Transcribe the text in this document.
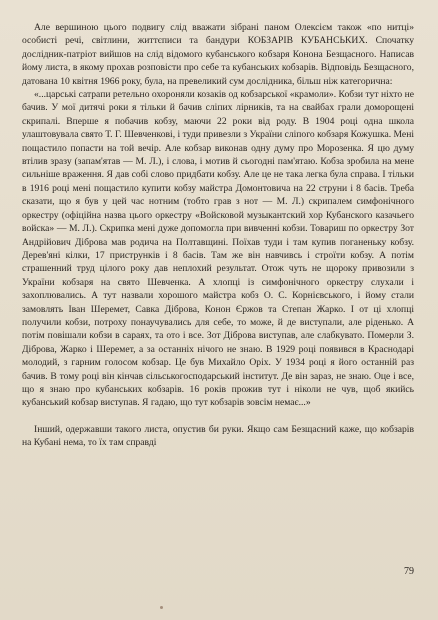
Але вершиною цього подвигу слід вважати зібрані паном Олексієм також «по нитці» особисті речі, світлини, життєписи та бандури КОБЗАРІВ КУБАНСЬКИХ. Спочатку дослідник-патріот вийшов на слід відомого кубанського кобзаря Конона Безщасного. Написав йому листа, в якому прохав розповісти про себе та кубанських кобзарів. Відповідь Безщасного, датована 10 квітня 1966 року, була, на превеликий сум дослідника, більш ніж категорична:

«...царські сатрапи ретельно охороняли козаків од кобзарської «крамоли». Кобзи тут ніхто не бачив. У мої дитячі роки я тільки й бачив сліпих лірників, та на свайбах грали доморощені скрипалі. Вперше я побачив кобзу, маючи 22 роки від роду. В 1904 році одна школа улаштовувала свято Т. Г. Шевченкові, і туди привезли з України сліпого кобзаря Кожушка. Мені пощастило попасти на той вечір. Але кобзар виконав одну думу про Морозенка. Я цю думу втілив зразу (запам'ятав — М. Л.), і слова, і мотив й сьогодні пам'ятаю. Кобза зробила на мене сильніше враження. Я дав собі слово придбати кобзу. Але це не така легка була справа. І тільки в 1916 році мені пощастило купити кобзу майстра Домонтовича на 22 струни і 8 басів. Треба сказати, що я був у цей час нотним (тобто грав з нот — М. Л.) скрипалем симфонічного оркестру (офіційна назва цього оркестру «Войсковой музыкантский хор Кубанского казачьего войска» — М. Л.). Скрипка мені дуже допомогла при вивченні кобзи. Товариш по оркестру Зот Андрійович Діброва мав родича на Полтавщині. Поїхав туди і там купив поганеньку кобзу. Дерев'яні кілки, 17 приструнків і 8 басів. Там же він навчивсь і строїти кобзу. А потім страшенний труд цілого року дав неплохий результат. Отож чуть не щороку привозили з України кобзаря на свято Шевченка. А хлопці із симфонічного оркестру слухали і захоплювались. А тут назвали хорошого майстра кобз О. С. Корнієвського, і йому стали замовлять Іван Шеремет, Савка Діброва, Конон Єржов та Степан Жарко. І от ці хлопці получили кобзи, потроху понаучувались для себе, то може, й де виступали, але рiденько. А потім повішали кобзи в сараях, та ото і все. Зот Діброва виступав, але слабкувато. Померли З. Діброва, Жарко і Шеремет, а за останніх нічого не знаю. В 1929 році появився в Краснодарі молодий, з гарним голосом кобзар. Це був Михайло Оріх. У 1934 році я його останній раз бачив. В тому році він кінчав сільськогосподарський інститут. Де він зараз, не знаю. Оце і все, що я знаю про кубанських кобзарів. 16 років прожив тут і ніколи не чув, щоб якийсь кубанський кобзар виступав. Я гадаю, що тут кобзарів зовсім немає...»

Інший, одержавши такого листа, опустив би руки. Якщо сам Безщасний каже, що кобзарів на Кубані нема, то їх там справді

79
